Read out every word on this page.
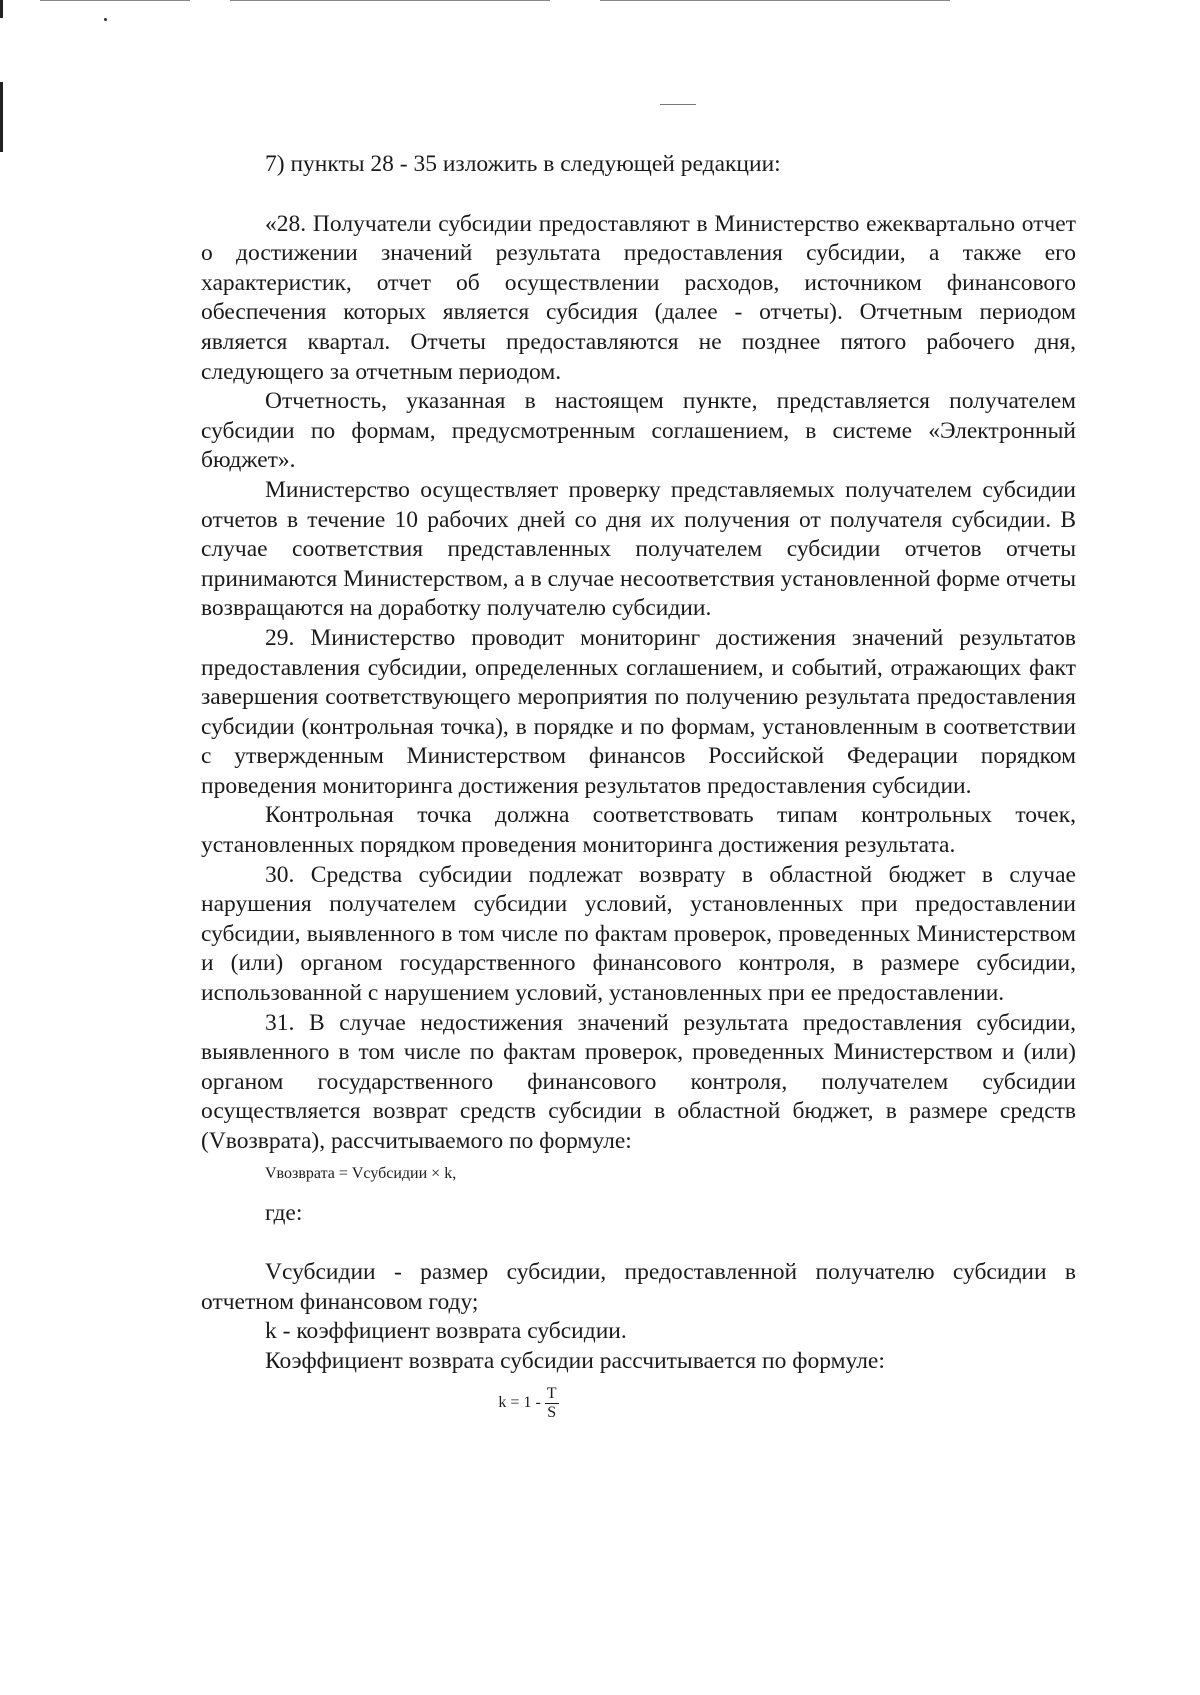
7) пункты 28 - 35 изложить в следующей редакции:

«28. Получатели субсидии предоставляют в Министерство ежеквартально отчет о достижении значений результата предоставления субсидии, а также его характеристик, отчет об осуществлении расходов, источником финансового обеспечения которых является субсидия (далее - отчеты). Отчетным периодом является квартал. Отчеты предоставляются не позднее пятого рабочего дня, следующего за отчетным периодом.

Отчетность, указанная в настоящем пункте, представляется получателем субсидии по формам, предусмотренным соглашением, в системе «Электронный бюджет».

Министерство осуществляет проверку представляемых получателем субсидии отчетов в течение 10 рабочих дней со дня их получения от получателя субсидии. В случае соответствия представленных получателем субсидии отчетов отчеты принимаются Министерством, а в случае несоответствия установленной форме отчеты возвращаются на доработку получателю субсидии.

29. Министерство проводит мониторинг достижения значений результатов предоставления субсидии, определенных соглашением, и событий, отражающих факт завершения соответствующего мероприятия по получению результата предоставления субсидии (контрольная точка), в порядке и по формам, установленным в соответствии с утвержденным Министерством финансов Российской Федерации порядком проведения мониторинга достижения результатов предоставления субсидии.

Контрольная точка должна соответствовать типам контрольных точек, установленных порядком проведения мониторинга достижения результата.

30. Средства субсидии подлежат возврату в областной бюджет в случае нарушения получателем субсидии условий, установленных при предоставлении субсидии, выявленного в том числе по фактам проверок, проведенных Министерством и (или) органом государственного финансового контроля, в размере субсидии, использованной с нарушением условий, установленных при ее предоставлении.

31. В случае недостижения значений результата предоставления субсидии, выявленного в том числе по фактам проверок, проведенных Министерством и (или) органом государственного финансового контроля, получателем субсидии осуществляется возврат средств субсидии в областной бюджет, в размере средств (Vвозврата), рассчитываемого по формуле:

Vвозврата = Vсубсидии × k,
где:

Vсубсидии - размер субсидии, предоставленной получателю субсидии в отчетном финансовом году;

k - коэффициент возврата субсидии.

Коэффициент возврата субсидии рассчитывается по формуле:

$k = 1 - \frac{T}{S}$
